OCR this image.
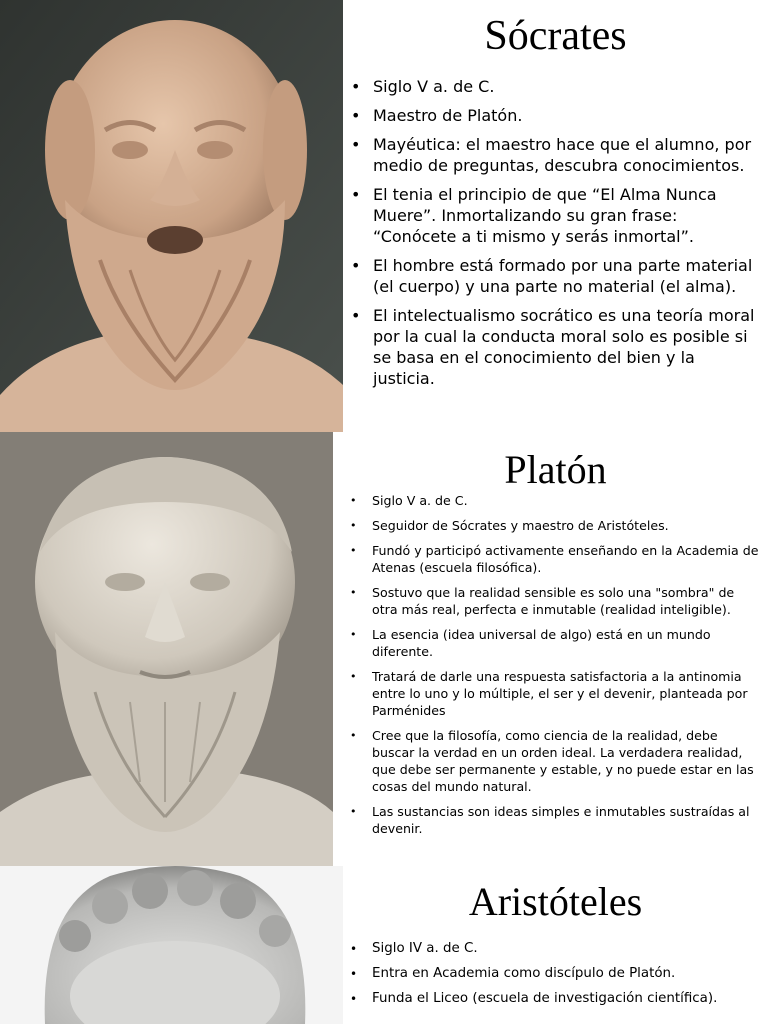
Sócrates
• Siglo V a. de C.
• Maestro de Platón.
• Mayéutica: el maestro hace que el alumno, por medio de preguntas, descubra conocimientos.
• El tenia el principio de que “El Alma Nunca Muere”. Inmortalizando su gran frase: “Conócete a ti mismo y serás inmortal”.
• El hombre está formado por una parte material (el cuerpo) y una parte no material (el alma).
• El intelectualismo socrático es una teoría moral por la cual la conducta moral solo es posible si se basa en el conocimiento del bien y la justicia.
Platón
• Siglo V a. de C.
• Seguidor de Sócrates y maestro de Aristóteles.
• Fundó y participó activamente enseñando en la Academia de Atenas (escuela filosófica).
• Sostuvo que la realidad sensible es solo una "sombra" de otra más real, perfecta e inmutable (realidad inteligible).
• La esencia (idea universal de algo) está en un mundo diferente.
• Tratará de darle una respuesta satisfactoria a la antinomia entre lo uno y lo múltiple, el ser y el devenir, planteada por Parménides
• Cree que la filosofía, como ciencia de la realidad, debe buscar la verdad en un orden ideal. La verdadera realidad, que debe ser permanente y estable, y no puede estar en las cosas del mundo natural.
• Las sustancias son ideas simples e inmutables sustraídas al devenir.
Aristóteles
• Siglo IV a. de C.
• Entra en Academia como discípulo de Platón.
• Funda el Liceo (escuela de investigación científica).
